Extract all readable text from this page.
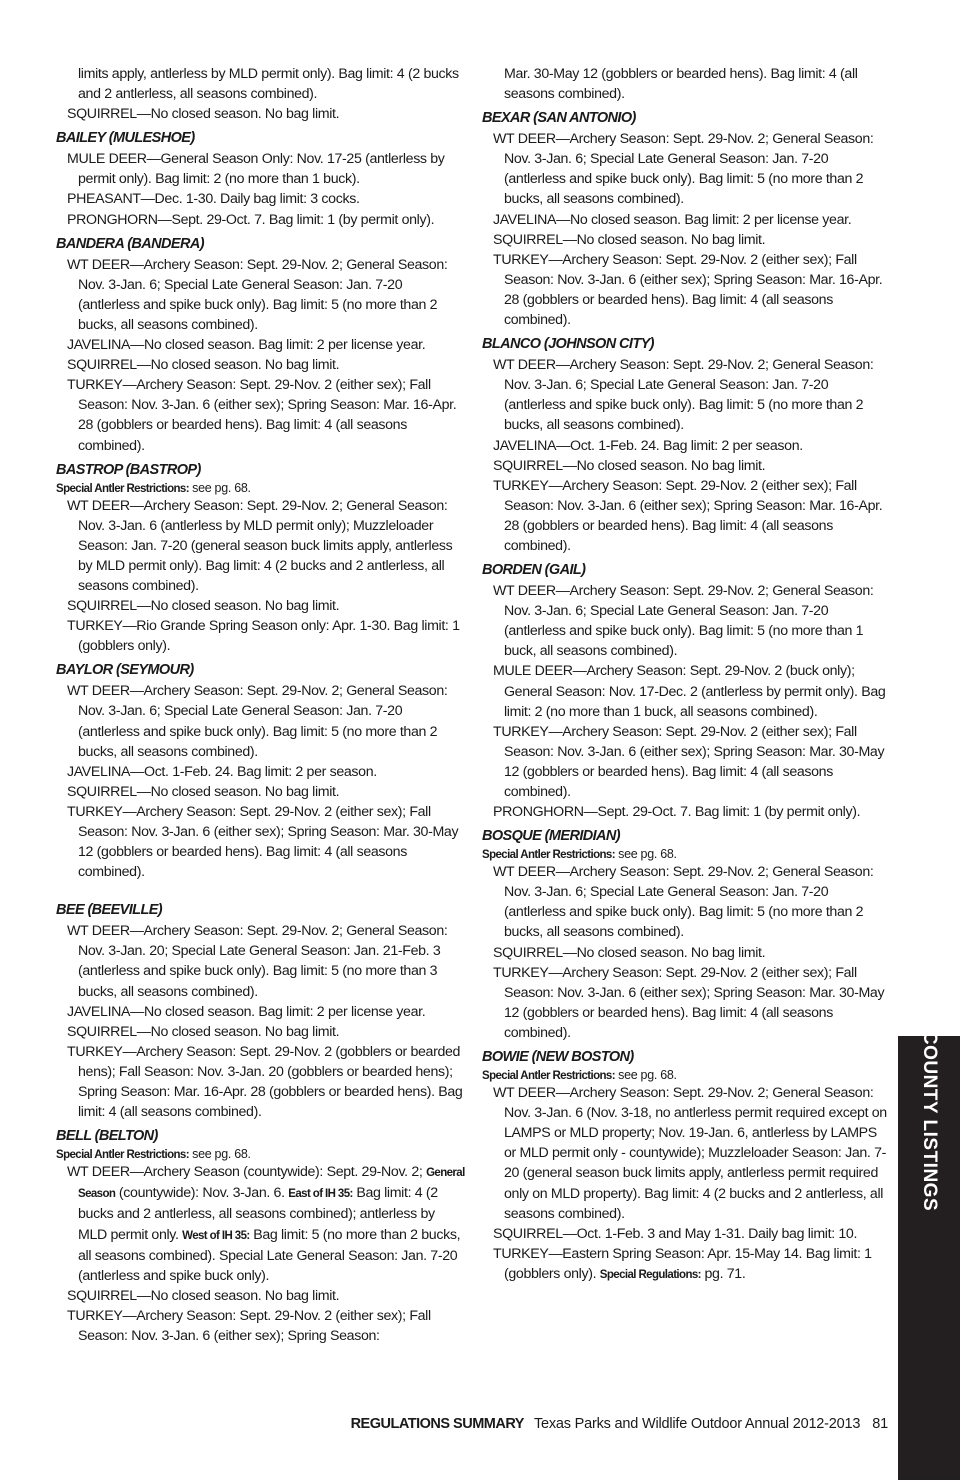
limits apply, antlerless by MLD permit only). Bag limit: 4 (2 bucks and 2 antlerless, all seasons combined).

SQUIRREL—No closed season. No bag limit.

BAILEY (MULESHOE)

MULE DEER—General Season Only: Nov. 17-25 (antlerless by permit only). Bag limit: 2 (no more than 1 buck).

PHEASANT—Dec. 1-30. Daily bag limit: 3 cocks.

PRONGHORN—Sept. 29-Oct. 7. Bag limit: 1 (by permit only).

BANDERA (BANDERA)

WT DEER—Archery Season: Sept. 29-Nov. 2; General Season: Nov. 3-Jan. 6; Special Late General Season: Jan. 7-20 (antlerless and spike buck only). Bag limit: 5 (no more than 2 bucks, all seasons combined).

JAVELINA—No closed season. Bag limit: 2 per license year.

SQUIRREL—No closed season. No bag limit.

TURKEY—Archery Season: Sept. 29-Nov. 2 (either sex); Fall Season: Nov. 3-Jan. 6 (either sex); Spring Season: Mar. 16-Apr. 28 (gobblers or bearded hens). Bag limit: 4 (all seasons combined).

BASTROP (BASTROP)
Special Antler Restrictions: see pg. 68.

WT DEER—Archery Season: Sept. 29-Nov. 2; General Season: Nov. 3-Jan. 6 (antlerless by MLD permit only); Muzzleloader Season: Jan. 7-20 (general season buck limits apply, antlerless by MLD permit only). Bag limit: 4 (2 bucks and 2 antlerless, all seasons combined).

SQUIRREL—No closed season. No bag limit.

TURKEY—Rio Grande Spring Season only: Apr. 1-30. Bag limit: 1 (gobblers only).

BAYLOR (SEYMOUR)

WT DEER—Archery Season: Sept. 29-Nov. 2; General Season: Nov. 3-Jan. 6; Special Late General Season: Jan. 7-20 (antlerless and spike buck only). Bag limit: 5 (no more than 2 bucks, all seasons combined).

JAVELINA—Oct. 1-Feb. 24. Bag limit: 2 per season.

SQUIRREL—No closed season. No bag limit.

TURKEY—Archery Season: Sept. 29-Nov. 2 (either sex); Fall Season: Nov. 3-Jan. 6 (either sex); Spring Season: Mar. 30-May 12 (gobblers or bearded hens). Bag limit: 4 (all seasons combined).

BEE (BEEVILLE)

WT DEER—Archery Season: Sept. 29-Nov. 2; General Season: Nov. 3-Jan. 20; Special Late General Season: Jan. 21-Feb. 3 (antlerless and spike buck only). Bag limit: 5 (no more than 3 bucks, all seasons combined).

JAVELINA—No closed season. Bag limit: 2 per license year.

SQUIRREL—No closed season. No bag limit.

TURKEY—Archery Season: Sept. 29-Nov. 2 (gobblers or bearded hens); Fall Season: Nov. 3-Jan. 20 (gobblers or bearded hens); Spring Season: Mar. 16-Apr. 28 (gobblers or bearded hens). Bag limit: 4 (all seasons combined).

BELL (BELTON)
Special Antler Restrictions: see pg. 68.

WT DEER—Archery Season (countywide): Sept. 29-Nov. 2; General Season (countywide): Nov. 3-Jan. 6. East of IH 35: Bag limit: 4 (2 bucks and 2 antlerless, all seasons combined); antlerless by MLD permit only. West of IH 35: Bag limit: 5 (no more than 2 bucks, all seasons combined). Special Late General Season: Jan. 7-20 (antlerless and spike buck only).

SQUIRREL—No closed season. No bag limit.

TURKEY—Archery Season: Sept. 29-Nov. 2 (either sex); Fall Season: Nov. 3-Jan. 6 (either sex); Spring Season:

Mar. 30-May 12 (gobblers or bearded hens). Bag limit: 4 (all seasons combined).

BEXAR (SAN ANTONIO)

WT DEER—Archery Season: Sept. 29-Nov. 2; General Season: Nov. 3-Jan. 6; Special Late General Season: Jan. 7-20 (antlerless and spike buck only). Bag limit: 5 (no more than 2 bucks, all seasons combined).

JAVELINA—No closed season. Bag limit: 2 per license year.

SQUIRREL—No closed season. No bag limit.

TURKEY—Archery Season: Sept. 29-Nov. 2 (either sex); Fall Season: Nov. 3-Jan. 6 (either sex); Spring Season: Mar. 16-Apr. 28 (gobblers or bearded hens). Bag limit: 4 (all seasons combined).

BLANCO (JOHNSON CITY)

WT DEER—Archery Season: Sept. 29-Nov. 2; General Season: Nov. 3-Jan. 6; Special Late General Season: Jan. 7-20 (antlerless and spike buck only). Bag limit: 5 (no more than 2 bucks, all seasons combined).

JAVELINA—Oct. 1-Feb. 24. Bag limit: 2 per season.

SQUIRREL—No closed season. No bag limit.

TURKEY—Archery Season: Sept. 29-Nov. 2 (either sex); Fall Season: Nov. 3-Jan. 6 (either sex); Spring Season: Mar. 16-Apr. 28 (gobblers or bearded hens). Bag limit: 4 (all seasons combined).

BORDEN (GAIL)

WT DEER—Archery Season: Sept. 29-Nov. 2; General Season: Nov. 3-Jan. 6; Special Late General Season: Jan. 7-20 (antlerless and spike buck only). Bag limit: 5 (no more than 1 buck, all seasons combined).

MULE DEER—Archery Season: Sept. 29-Nov. 2 (buck only); General Season: Nov. 17-Dec. 2 (antlerless by permit only). Bag limit: 2 (no more than 1 buck, all seasons combined).

TURKEY—Archery Season: Sept. 29-Nov. 2 (either sex); Fall Season: Nov. 3-Jan. 6 (either sex); Spring Season: Mar. 30-May 12 (gobblers or bearded hens). Bag limit: 4 (all seasons combined).

PRONGHORN—Sept. 29-Oct. 7. Bag limit: 1 (by permit only).

BOSQUE (MERIDIAN)
Special Antler Restrictions: see pg. 68.

WT DEER—Archery Season: Sept. 29-Nov. 2; General Season: Nov. 3-Jan. 6; Special Late General Season: Jan. 7-20 (antlerless and spike buck only). Bag limit: 5 (no more than 2 bucks, all seasons combined).

SQUIRREL—No closed season. No bag limit.

TURKEY—Archery Season: Sept. 29-Nov. 2 (either sex); Fall Season: Nov. 3-Jan. 6 (either sex); Spring Season: Mar. 30-May 12 (gobblers or bearded hens). Bag limit: 4 (all seasons combined).

BOWIE (NEW BOSTON)
Special Antler Restrictions: see pg. 68.

WT DEER—Archery Season: Sept. 29-Nov. 2; General Season: Nov. 3-Jan. 6 (Nov. 3-18, no antlerless permit required except on LAMPS or MLD property; Nov. 19-Jan. 6, antlerless by LAMPS or MLD permit only - countywide); Muzzleloader Season: Jan. 7-20 (general season buck limits apply, antlerless permit required only on MLD property). Bag limit: 4 (2 bucks and 2 antlerless, all seasons combined).

SQUIRREL—Oct. 1-Feb. 3 and May 1-31. Daily bag limit: 10.

TURKEY—Eastern Spring Season: Apr. 15-May 14. Bag limit: 1 (gobblers only). Special Regulations: pg. 71.

COUNTY LISTINGS
REGULATIONS SUMMARY Texas Parks and Wildlife Outdoor Annual 2012-2013 81
